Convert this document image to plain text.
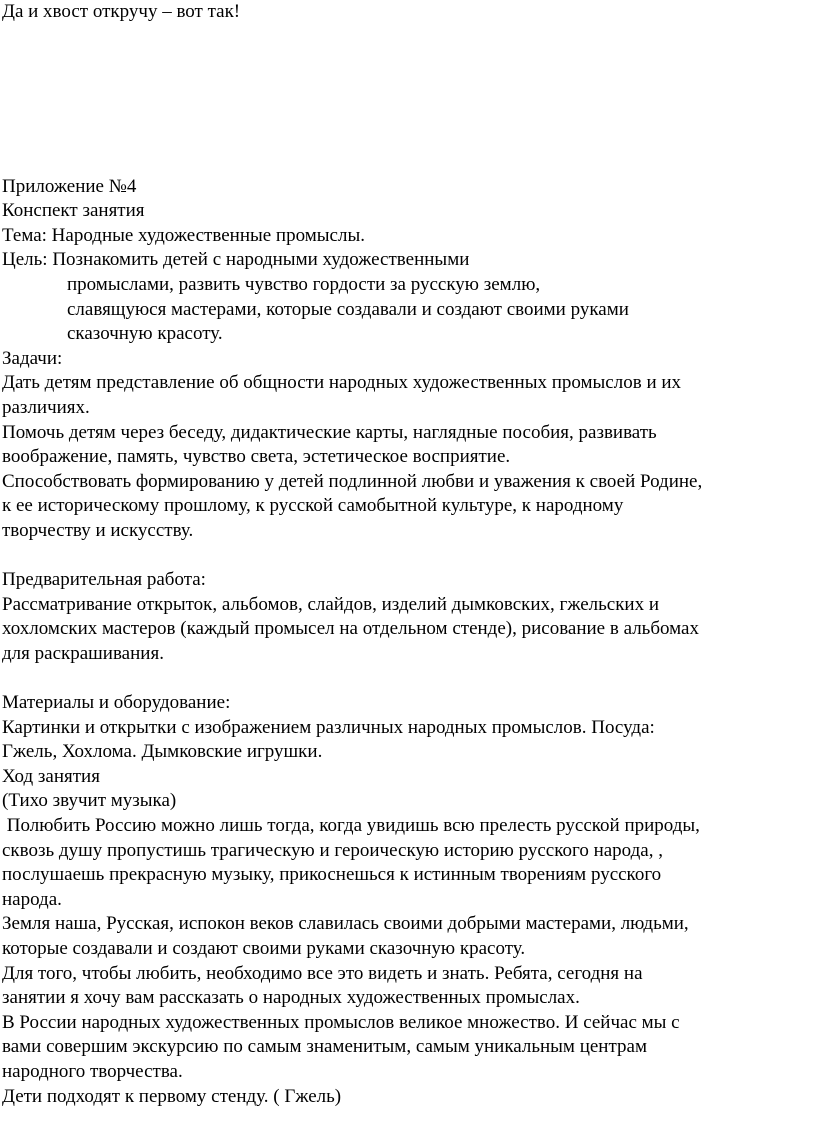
Да и хвост откручу – вот так!

Приложение №4

Конспект занятия

Тема: Народные художественные промыслы.

Цель: Познакомить детей с народными художественными

промыслами, развить чувство гордости за русскую землю,

славящуюся мастерами, которые создавали и создают своими руками

сказочную красоту.

Задачи:

Дать детям представление об общности народных художественных промыслов и их

различиях.

Помочь детям через беседу, дидактические карты, наглядные пособия, развивать

воображение, память, чувство света, эстетическое восприятие.

Способствовать формированию у детей подлинной любви и уважения к своей Родине,

к ее историческому прошлому, к русской самобытной культуре, к народному

творчеству и искусству.

Предварительная работа:

Рассматривание открыток, альбомов, слайдов, изделий дымковских, гжельских и

хохломских мастеров (каждый промысел на отдельном стенде), рисование в альбомах

для раскрашивания.

Материалы и оборудование:

Картинки и открытки с изображением различных народных промыслов. Посуда:

Гжель, Хохлома. Дымковские игрушки.

Ход занятия

(Тихо звучит музыка)

Полюбить Россию можно лишь тогда, когда увидишь всю прелесть русской природы,

сквозь душу пропустишь трагическую и героическую историю русского народа, ,

послушаешь прекрасную музыку, прикоснешься к истинным творениям русского

народа.

Земля наша, Русская, испокон веков славилась своими добрыми мастерами, людьми,

которые создавали и создают своими руками сказочную красоту.

Для того, чтобы любить, необходимо все это видеть и знать. Ребята, сегодня на

занятии я хочу вам рассказать о народных художественных промыслах.

В России народных художественных промыслов великое множество. И сейчас мы с

вами совершим экскурсию по самым знаменитым, самым уникальным центрам

народного творчества.

Дети подходят к первому стенду. ( Гжель)
